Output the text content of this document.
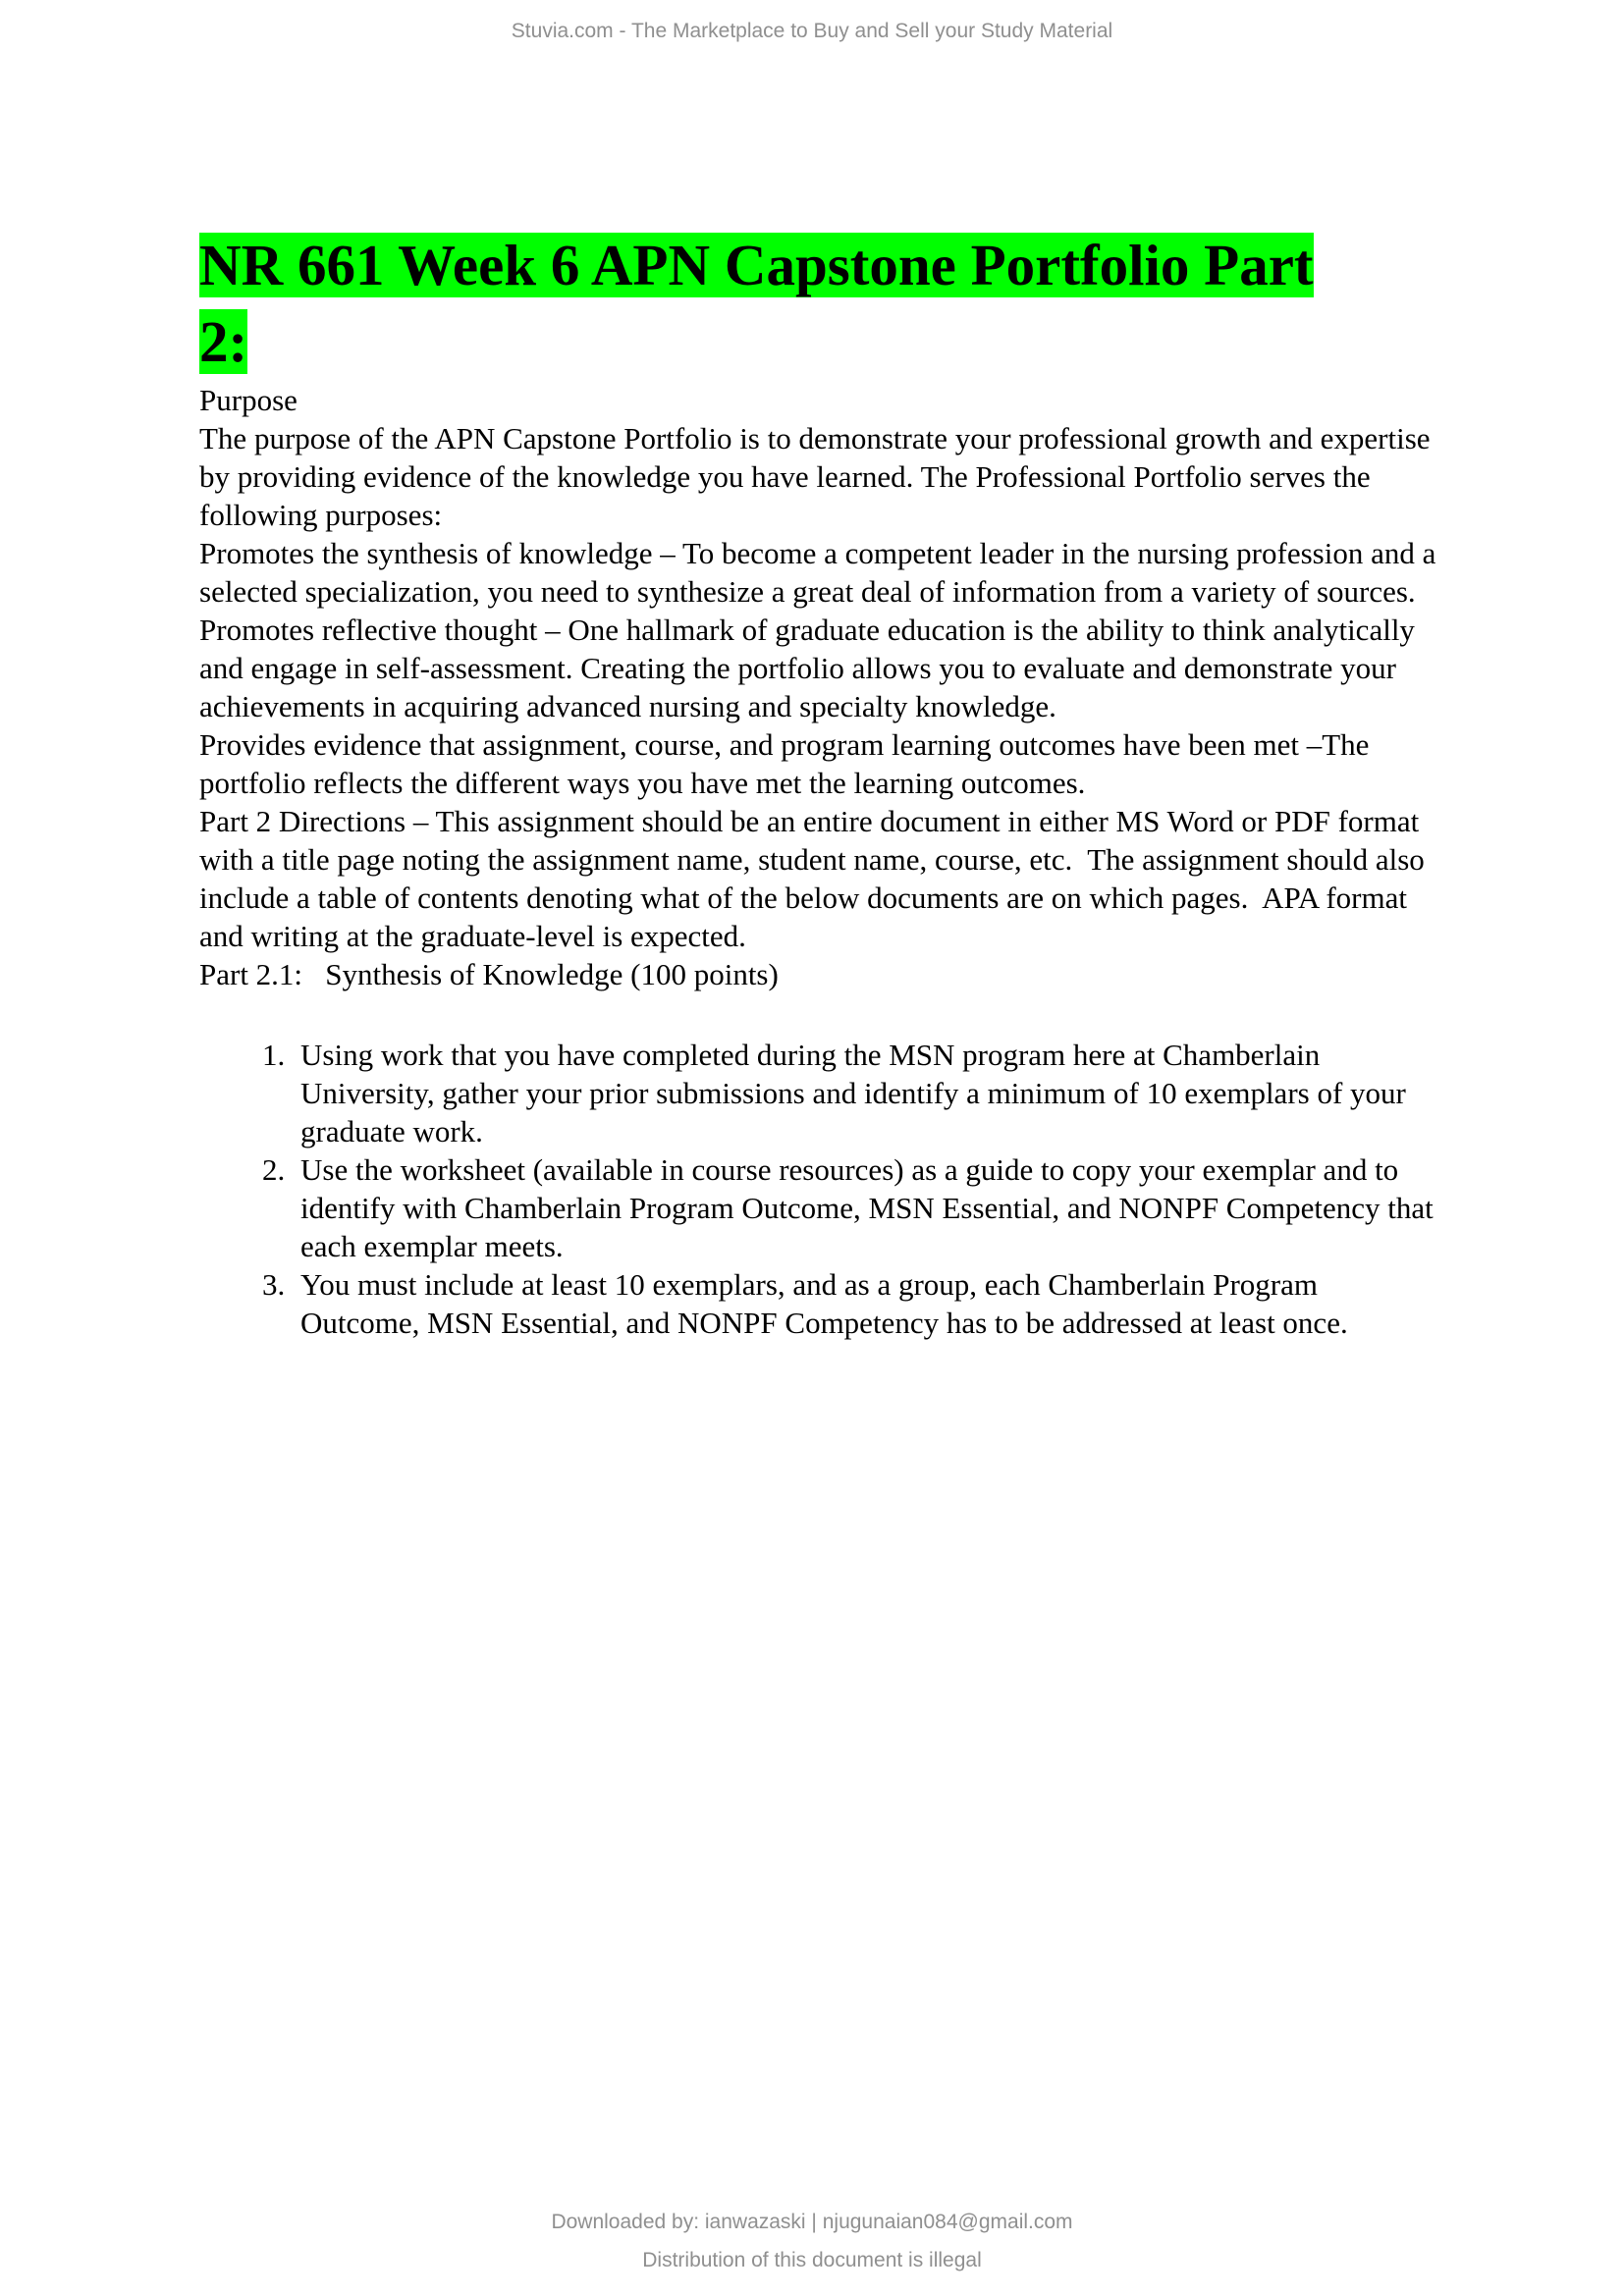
Stuvia.com - The Marketplace to Buy and Sell your Study Material
NR 661 Week 6 APN Capstone Portfolio Part
2:

Purpose

The purpose of the APN Capstone Portfolio is to demonstrate your professional growth and expertise by providing evidence of the knowledge you have learned. The Professional Portfolio serves the following purposes:

Promotes the synthesis of knowledge – To become a competent leader in the nursing profession and a selected specialization, you need to synthesize a great deal of information from a variety of sources.

Promotes reflective thought – One hallmark of graduate education is the ability to think analytically and engage in self-assessment. Creating the portfolio allows you to evaluate and demonstrate your achievements in acquiring advanced nursing and specialty knowledge.

Provides evidence that assignment, course, and program learning outcomes have been met –The portfolio reflects the different ways you have met the learning outcomes.

Part 2 Directions – This assignment should be an entire document in either MS Word or PDF format with a title page noting the assignment name, student name, course, etc.  The assignment should also include a table of contents denoting what of the below documents are on which pages.  APA format and writing at the graduate-level is expected.

Part 2.1:   Synthesis of Knowledge (100 points)

1. Using work that you have completed during the MSN program here at Chamberlain University, gather your prior submissions and identify a minimum of 10 exemplars of your graduate work.
2. Use the worksheet (available in course resources) as a guide to copy your exemplar and to identify with Chamberlain Program Outcome, MSN Essential, and NONPF Competency that each exemplar meets.
3. You must include at least 10 exemplars, and as a group, each Chamberlain Program Outcome, MSN Essential, and NONPF Competency has to be addressed at least once.
Downloaded by: ianwazaski | njugunaian084@gmail.com
Distribution of this document is illegal
